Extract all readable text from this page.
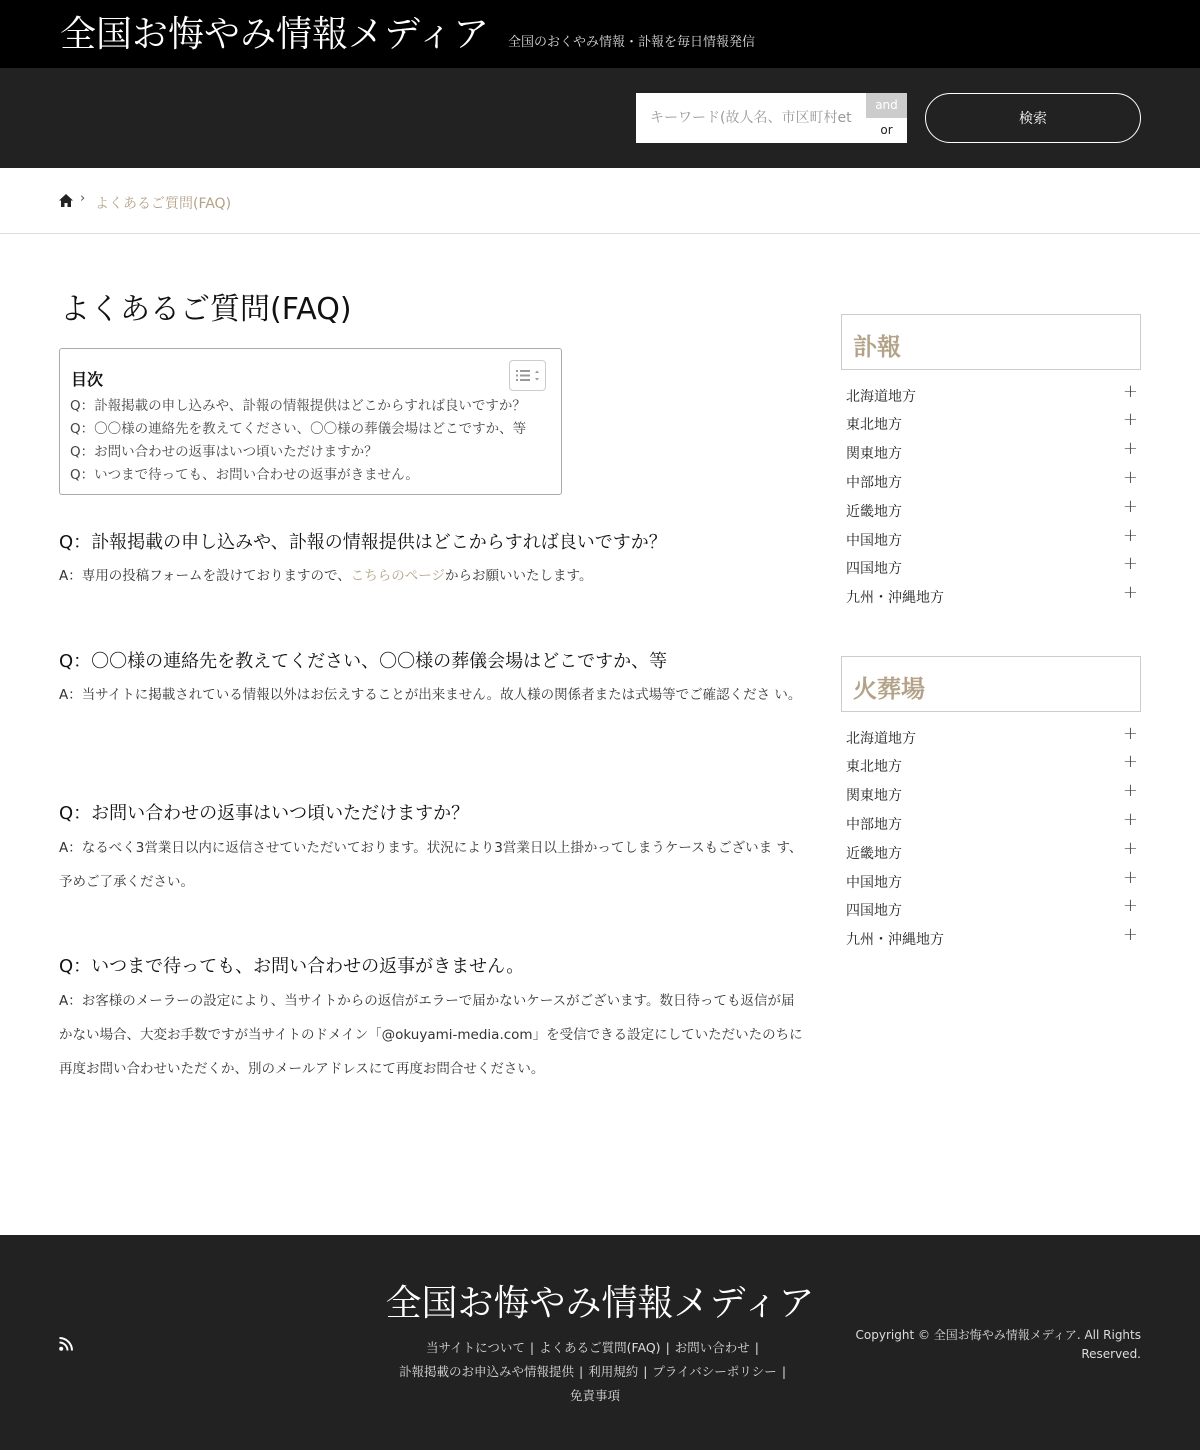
全国お悔やみ情報メディア 全国のおくやみ情報・訃報を毎日情報発信
キーワード(故人名、市区町村etc)
and
or
検索
› よくあるご質問(FAQ)
よくあるご質問(FAQ)
目次
Q：訃報掲載の申し込みや、訃報の情報提供はどこからすれば良いですか？
Q：〇〇様の連絡先を教えてください、〇〇様の葬儀会場はどこですか、等
Q：お問い合わせの返事はいつ頃いただけますか？
Q：いつまで待っても、お問い合わせの返事がきません。
Q：訃報掲載の申し込みや、訃報の情報提供はどこからすれば良いですか？

A：専用の投稿フォームを設けておりますので、こちらのページからお願いいたします。

Q：〇〇様の連絡先を教えてください、〇〇様の葬儀会場はどこですか、等

A：当サイトに掲載されている情報以外はお伝えすることが出来ません。故人様の関係者または式場等でご確認くださ い。

Q：お問い合わせの返事はいつ頃いただけますか？

A：なるべく3営業日以内に返信させていただいております。状況により3営業日以上掛かってしまうケースもございま す、予めご了承ください。

Q：いつまで待っても、お問い合わせの返事がきません。

A：お客様のメーラーの設定により、当サイトからの返信がエラーで届かないケースがございます。数日待っても返信が届かない場合、大変お手数ですが当サイトのドメイン「@okuyami-media.com」を受信できる設定にしていただいたのちに再度お問い合わせいただくか、別のメールアドレスにて再度お問合せください。

訃報
北海道地方	+
東北地方	+
関東地方	+
中部地方	+
近畿地方	+
中国地方	+
四国地方	+
九州・沖縄地方	+
火葬場
北海道地方	+
東北地方	+
関東地方	+
中部地方	+
近畿地方	+
中国地方	+
四国地方	+
九州・沖縄地方	+
全国お悔やみ情報メディア
当サイトについて | よくあるご質問(FAQ) | お問い合わせ |
訃報掲載のお申込みや情報提供 | 利用規約 | プライバシーポリシー |
免責事項
Copyright © 全国お悔やみ情報メディア. All Rights Reserved.
